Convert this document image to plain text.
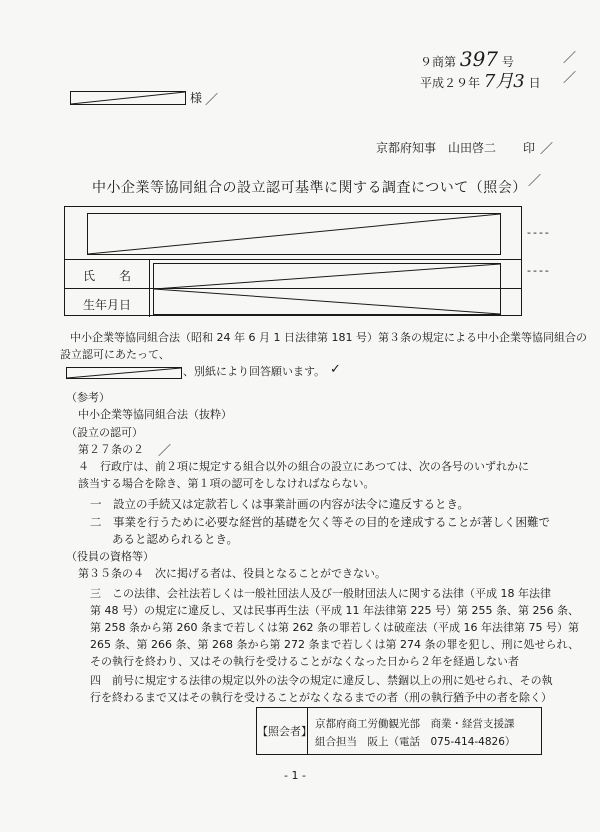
９商第 397 号	／
平成２９年 7月3 日 ／
様 ／
京都府知事　山田啓二 印 ／
中小企業等協同組合の設立認可基準に関する調査について（照会） ／
氏　　名
生年月日
----
----
中小企業等協同組合法（昭和 24 年 6 月 1 日法律第 181 号）第３条の規定による中小企業等協同組合の
設立認可にあたって、
、別紙により回答願います。 ✓
（参考）
中小企業等協同組合法（抜粋）
（設立の認可）
第２７条の２ ／
４　行政庁は、前２項に規定する組合以外の組合の設立にあつては、次の各号のいずれかに
該当する場合を除き、第１項の認可をしなければならない。
一　設立の手続又は定款若しくは事業計画の内容が法令に違反するとき。
二　事業を行うために必要な経営的基礎を欠く等その目的を達成することが著しく困難で
あると認められるとき。
（役員の資格等）
第３５条の４　次に掲げる者は、役員となることができない。
三　この法律、会社法若しくは一般社団法人及び一般財団法人に関する法律（平成 18 年法律
第 48 号）の規定に違反し、又は民事再生法（平成 11 年法律第 225 号）第 255 条、第 256 条、
第 258 条から第 260 条まで若しくは第 262 条の罪若しくは破産法（平成 16 年法律第 75 号）第
265 条、第 266 条、第 268 条から第 272 条まで若しくは第 274 条の罪を犯し、刑に処せられ、
その執行を終わり、又はその執行を受けることがなくなった日から２年を経過しない者
四　前号に規定する法律の規定以外の法令の規定に違反し、禁錮以上の刑に処せられ、その執
行を終わるまで又はその執行を受けることがなくなるまでの者（刑の執行猶予中の者を除く）
【照会者】
京都府商工労働観光部　商業・経営支援課
組合担当　阪上（電話　075-414-4826）
- 1 -
